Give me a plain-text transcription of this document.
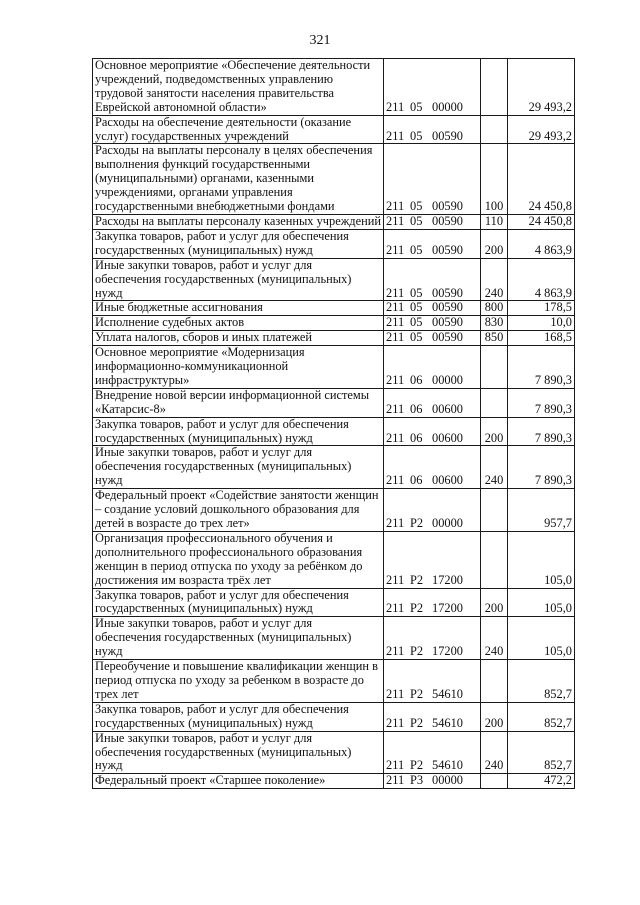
321
Основное мероприятие «Обеспечение деятельности учреждений, подведомственных управлению трудовой занятости населения правительства Еврейской автономной области»	21 1 05 00000		29 493,2
Расходы на обеспечение деятельности (оказание услуг) государственных учреждений	21 1 05 00590		29 493,2
Расходы на выплаты персоналу в целях обеспечения выполнения функций государственными (муниципальными) органами, казенными учреждениями, органами управления государственными внебюджетными фондами	21 1 05 00590	100	24 450,8
Расходы на выплаты персоналу казенных учреждений	21 1 05 00590	110	24 450,8
Закупка товаров, работ и услуг для обеспечения государственных (муниципальных) нужд	21 1 05 00590	200	4 863,9
Иные закупки товаров, работ и услуг для обеспечения государственных (муниципальных) нужд	21 1 05 00590	240	4 863,9
Иные бюджетные ассигнования	21 1 05 00590	800	178,5
Исполнение судебных актов	21 1 05 00590	830	10,0
Уплата налогов, сборов и иных платежей	21 1 05 00590	850	168,5
Основное мероприятие «Модернизация информационно-коммуникационной инфраструктуры»	21 1 06 00000		7 890,3
Внедрение новой версии информационной системы «Катарсис-8»	21 1 06 00600		7 890,3
Закупка товаров, работ и услуг для обеспечения государственных (муниципальных) нужд	21 1 06 00600	200	7 890,3
Иные закупки товаров, работ и услуг для обеспечения государственных (муниципальных) нужд	21 1 06 00600	240	7 890,3
Федеральный проект «Содействие занятости женщин – создание условий дошкольного образования для детей в возрасте до трех лет»	21 1 P2 00000		957,7
Организация профессионального обучения и дополнительного профессионального образования женщин в период отпуска по уходу за ребёнком до достижения им возраста трёх лет	21 1 P2 17200		105,0
Закупка товаров, работ и услуг для обеспечения государственных (муниципальных) нужд	21 1 P2 17200	200	105,0
Иные закупки товаров, работ и услуг для обеспечения государственных (муниципальных) нужд	21 1 P2 17200	240	105,0
Переобучение и повышение квалификации женщин в период отпуска по уходу за ребенком в возрасте до трех лет	21 1 P2 54610		852,7
Закупка товаров, работ и услуг для обеспечения государственных (муниципальных) нужд	21 1 P2 54610	200	852,7
Иные закупки товаров, работ и услуг для обеспечения государственных (муниципальных) нужд	21 1 P2 54610	240	852,7
Федеральный проект «Старшее поколение»	21 1 P3 00000		472,2
